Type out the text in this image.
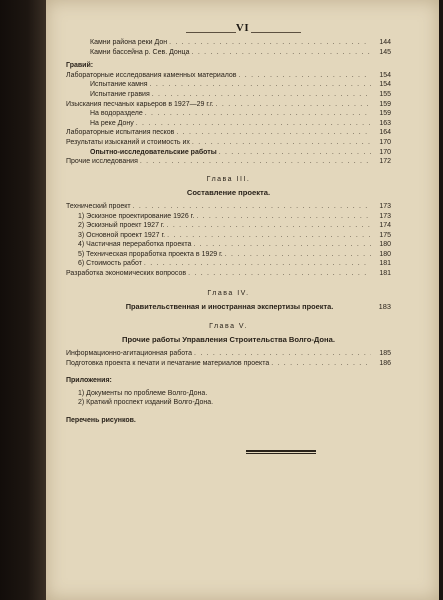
VI
Камни района реки Дон . . .	144
Камни бассейна р. Сев. Донца . . .	145
Гравий:
Лабораторные исследования каменных материалов . . .	154
Испытание камня . . .	154
Испытание гравия . . .	155
Изыскания песчаных карьеров в 1927—29 г.г. . . .	159
На водоразделе . . .	159
На реке Дону . . .	163
Лабораторные испытания песков . . .	164
Результаты изысканий и стоимость их . . .	170
Опытно-исследовательские работы . . .	170
Прочие исследования . . .	172
Глава III.
Составление проекта.
Технический проект . . .	173
1) Эскизное проектирование 1926 г. . . .	173
2) Эскизный проект 1927 г. . . .	174
3) Основной проект 1927 г. . . .	175
4) Частичная переработка проекта . . .	180
5) Техническая проработка проекта в 1929 г. . . .	180
6) Стоимость работ . . .	181
Разработка экономических вопросов . . .	181
Глава IV.
Правительственная и иностранная экспертизы проекта.	183
Глава V.
Прочие работы Управления Строительства Волго-Дона.
Информационно-агитационная работа . . .	185
Подготовка проекта к печати и печатание материалов проекта . . .	186
Приложения:
1) Документы по проблеме Волго-Дона.
2) Краткий проспект изданий Волго-Дона.
Перечень рисунков.
